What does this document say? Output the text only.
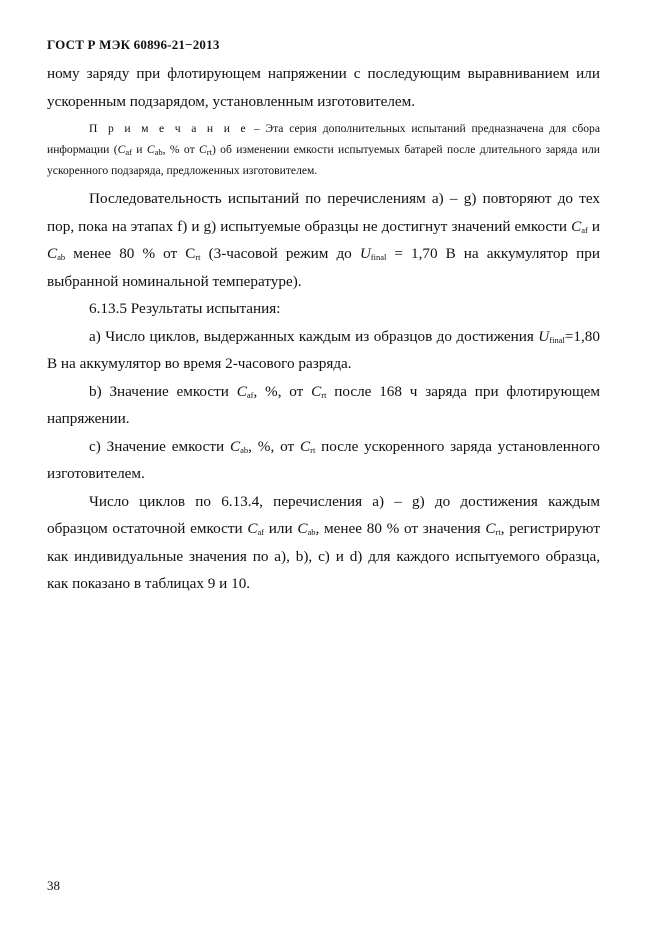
ГОСТ Р МЭК 60896-21−2013

ному заряду при флотирующем напряжении с последующим выравниванием или ускоренным подзарядом, установленным изготовителем.

П р и м е ч а н и е – Эта серия дополнительных испытаний предназначена для сбора информации ($C_{af}$ и $C_{ab}$, % от $C_{rt}$) об изменении емкости испытуемых батарей после длительного заряда или ускоренного подзаряда, предложенных изготовителем.

Последовательность испытаний по перечислениям а) – g) повторяют до тех пор, пока на этапах f) и g) испытуемые образцы не достигнут значений емкости $C_{af}$ и $C_{ab}$ менее 80 % от $C_{rt}$ (3-часовой режим до $U_{final} = 1,70$ В на аккумулятор при выбранной номинальной температуре).

6.13.5 Результаты испытания:

а) Число циклов, выдержанных каждым из образцов до достижения $U_{final}=1,80$ В на аккумулятор во время 2-часового разряда.

b) Значение емкости $C_{af}$, %, от $C_{rt}$ после 168 ч заряда при флотирующем напряжении.

c) Значение емкости $C_{ab}$, %, от $C_{rt}$ после ускоренного заряда установленного изготовителем.

Число циклов по 6.13.4, перечисления а) – g) до достижения каждым образцом остаточной емкости $C_{af}$ или $C_{ab}$, менее 80 % от значения $C_{rt}$, регистрируют как индивидуальные значения по а), b), c) и d) для каждого испытуемого образца, как показано в таблицах 9 и 10.

38
